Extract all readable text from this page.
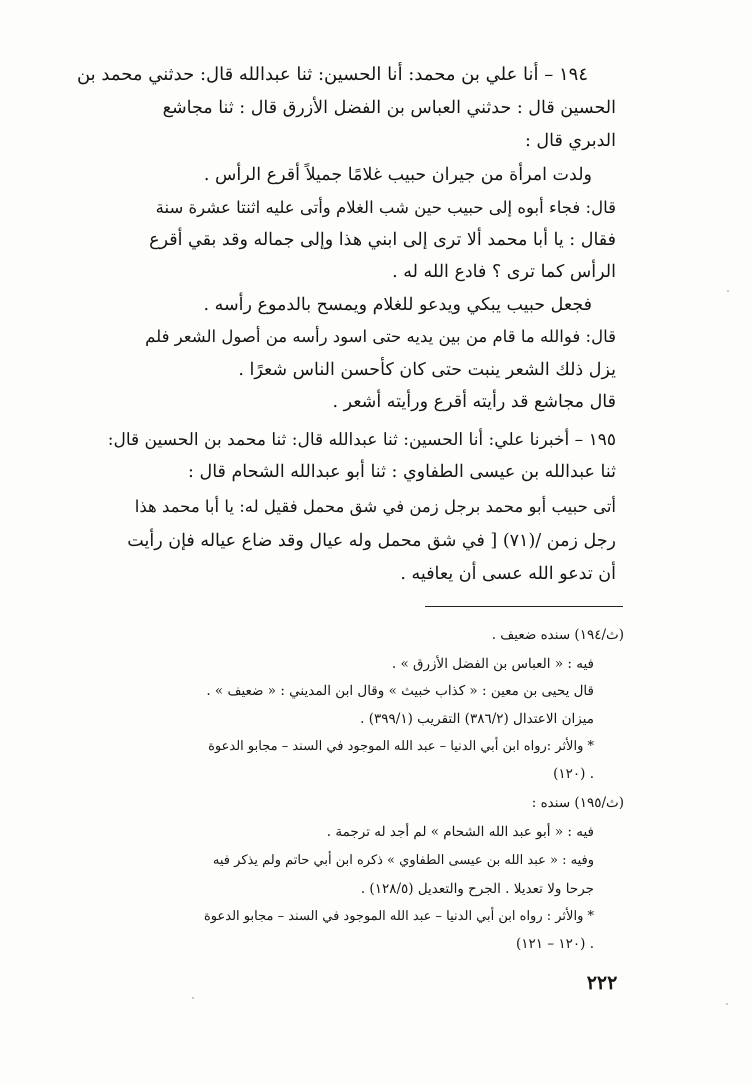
١٩٤ – أنا علي بن محمد: أنا الحسين: ثنا عبدالله قال: حدثني محمد بن
الحسين قال : حدثني العباس بن الفضل الأزرق قال : ثنا مجاشع
الدبري قال :
ولدت امرأة من جيران حبيب غلامًا جميلاً أقرع الرأس .
قال: فجاء أبوه إلى حبيب حين شب الغلام وأتى عليه اثنتا عشرة سنة
فقال : يا أبا محمد ألا ترى إلى ابني هذا وإلى جماله وقد بقي أقرع
الرأس كما ترى ؟ فادع الله له .
فجعل حبيب يبكي ويدعو للغلام ويمسح بالدموع رأسه .
قال: فوالله ما قام من بين يديه حتى اسود رأسه من أصول الشعر فلم
يزل ذلك الشعر ينبت حتى كان كأحسن الناس شعرًا .
قال مجاشع قد رأيته أقرع ورأيته أشعر .
١٩٥ – أخبرنا علي: أنا الحسين: ثنا عبدالله قال: ثنا محمد بن الحسين قال:
ثنا عبدالله بن عيسى الطفاوي : ثنا أبو عبدالله الشحام قال :
أتى حبيب أبو محمد برجل زمن في شق محمل فقيل له: يا أبا محمد هذا
رجل زمن /(٧١) [ في شق محمل وله عيال وقد ضاع عياله فإن رأيت
أن تدعو الله عسى أن يعافيه .
(ث/١٩٤) سنده ضعيف .
فيه : « العباس بن الفضل الأزرق » .
قال يحيى بن معين : « كذاب خبيث » وقال ابن المديني : « ضعيف » .
ميزان الاعتدال (٣٨٦/٢) التقريب (٣٩٩/١) .
* والأثر :رواه ابن أبي الدنيا – عبد الله الموجود في السند – مجابو الدعوة
. (١٢٠)
(ث/١٩٥) سنده :
فيه : « أبو عبد الله الشحام » لم أجد له ترجمة .
وفيه : « عبد الله بن عيسى الطفاوي » ذكره ابن أبي حاتم ولم يذكر فيه
جرحا ولا تعديلا . الجرح والتعديل (١٢٨/٥) .
* والأثر : رواه ابن أبي الدنيا – عبد الله الموجود في السند – مجابو الدعوة
. (١٢٠ – ١٢١)
٢٢٢
